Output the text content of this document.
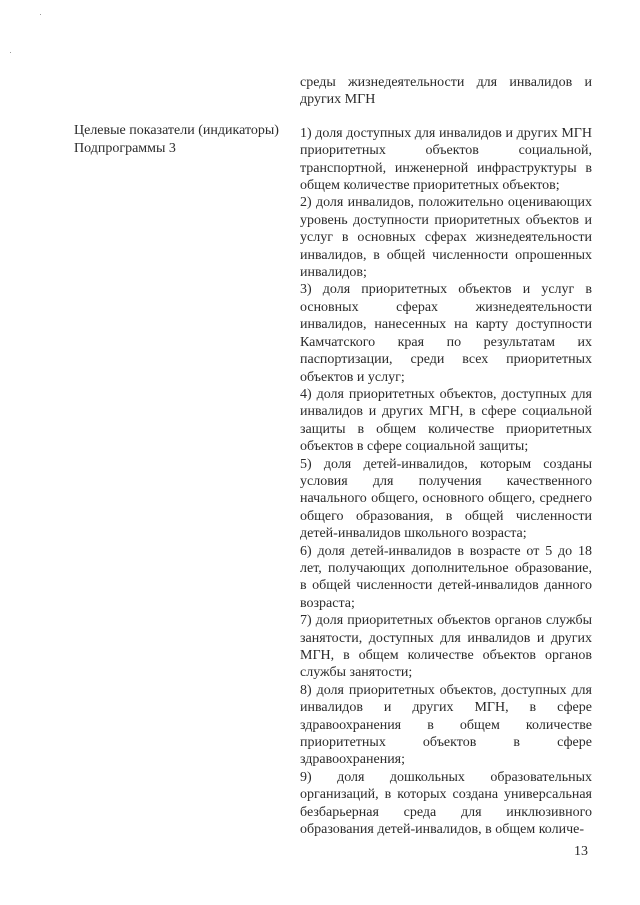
Целевые показатели (индикаторы) Подпрограммы 3

среды жизнедеятельности для инвалидов и других МГН

1) доля доступных для инвалидов и других МГН приоритетных объектов социальной, транспортной, инженерной инфраструктуры в общем количестве приоритетных объектов;

2) доля инвалидов, положительно оценивающих уровень доступности приоритетных объектов и услуг в основных сферах жизнедеятельности инвалидов, в общей численности опрошенных инвалидов;

3) доля приоритетных объектов и услуг в основных сферах жизнедеятельности инвалидов, нанесенных на карту доступности Камчатского края по результатам их паспортизации, среди всех приоритетных объектов и услуг;

4) доля приоритетных объектов, доступных для инвалидов и других МГН, в сфере социальной защиты в общем количестве приоритетных объектов в сфере социальной защиты;

5) доля детей-инвалидов, которым созданы условия для получения качественного начального общего, основного общего, среднего общего образования, в общей численности детей-инвалидов школьного возраста;

6) доля детей-инвалидов в возрасте от 5 до 18 лет, получающих дополнительное образование, в общей численности детей-инвалидов данного возраста;

7) доля приоритетных объектов органов службы занятости, доступных для инвалидов и других МГН, в общем количестве объектов органов службы занятости;

8) доля приоритетных объектов, доступных для инвалидов и других МГН, в сфере здравоохранения в общем количестве приоритетных объектов в сфере здравоохранения;

9) доля дошкольных образовательных организаций, в которых создана универсальная безбарьерная среда для инклюзивного образования детей-инвалидов, в общем количе-

13
